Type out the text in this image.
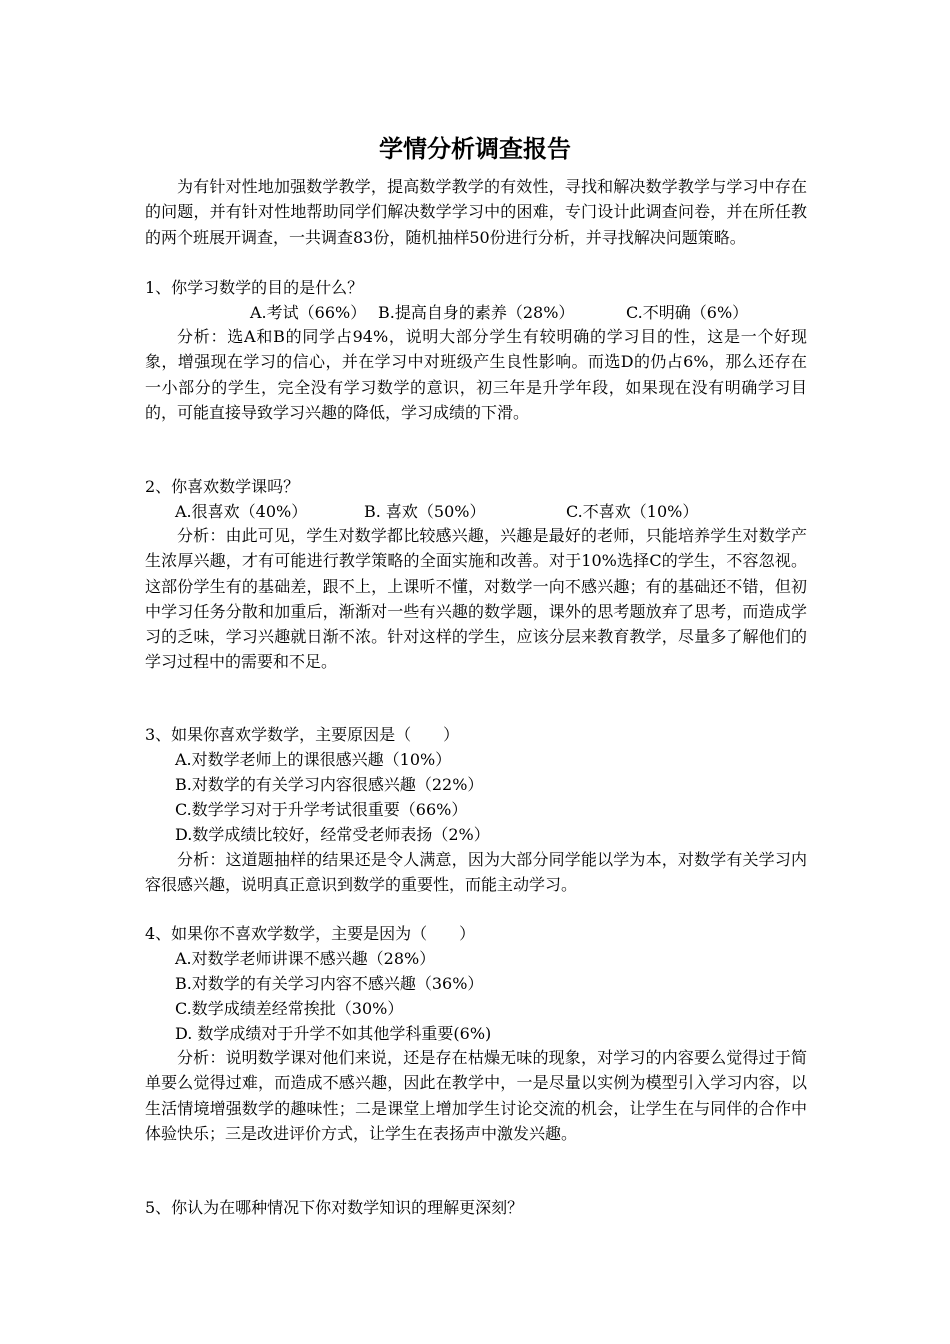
学情分析调查报告

为有针对性地加强数学教学，提高数学教学的有效性，寻找和解决数学教学与学习中存在的问题，并有针对性地帮助同学们解决数学学习中的困难，专门设计此调查问卷，并在所任教的两个班展开调查，一共调查83份，随机抽样50份进行分析，并寻找解决问题策略。

1、你学习数学的目的是什么？

A.考试（66%） B.提高自身的素养（28%）	C.不明确（6%）

分析：选A和B的同学占94%，说明大部分学生有较明确的学习目的性，这是一个好现象，增强现在学习的信心，并在学习中对班级产生良性影响。而选D的仍占6%，那么还存在一小部分的学生，完全没有学习数学的意识，初三年是升学年段，如果现在没有明确学习目的，可能直接导致学习兴趣的降低，学习成绩的下滑。

2、你喜欢数学课吗？

A.很喜欢（40%）	B. 喜欢（50%）	C.不喜欢（10%）

分析：由此可见，学生对数学都比较感兴趣，兴趣是最好的老师，只能培养学生对数学产生浓厚兴趣，才有可能进行教学策略的全面实施和改善。对于10%选择C的学生，不容忽视。这部份学生有的基础差，跟不上，上课听不懂，对数学一向不感兴趣；有的基础还不错，但初中学习任务分散和加重后，渐渐对一些有兴趣的数学题，课外的思考题放弃了思考，而造成学习的乏味，学习兴趣就日渐不浓。针对这样的学生，应该分层来教育教学，尽量多了解他们的学习过程中的需要和不足。

3、如果你喜欢学数学，主要原因是（　　）

A.对数学老师上的课很感兴趣（10%）

B.对数学的有关学习内容很感兴趣（22%）

C.数学学习对于升学考试很重要（66%）

D.数学成绩比较好，经常受老师表扬（2%）

分析：这道题抽样的结果还是令人满意，因为大部分同学能以学为本，对数学有关学习内容很感兴趣，说明真正意识到数学的重要性，而能主动学习。

4、如果你不喜欢学数学，主要是因为（　　）

A.对数学老师讲课不感兴趣（28%）

B.对数学的有关学习内容不感兴趣（36%）

C.数学成绩差经常挨批（30%）

D. 数学成绩对于升学不如其他学科重要(6%)

分析：说明数学课对他们来说，还是存在枯燥无味的现象，对学习的内容要么觉得过于简单要么觉得过难，而造成不感兴趣，因此在教学中，一是尽量以实例为模型引入学习内容，以生活情境增强数学的趣味性；二是课堂上增加学生讨论交流的机会，让学生在与同伴的合作中体验快乐；三是改进评价方式，让学生在表扬声中激发兴趣。

5、你认为在哪种情况下你对数学知识的理解更深刻？
